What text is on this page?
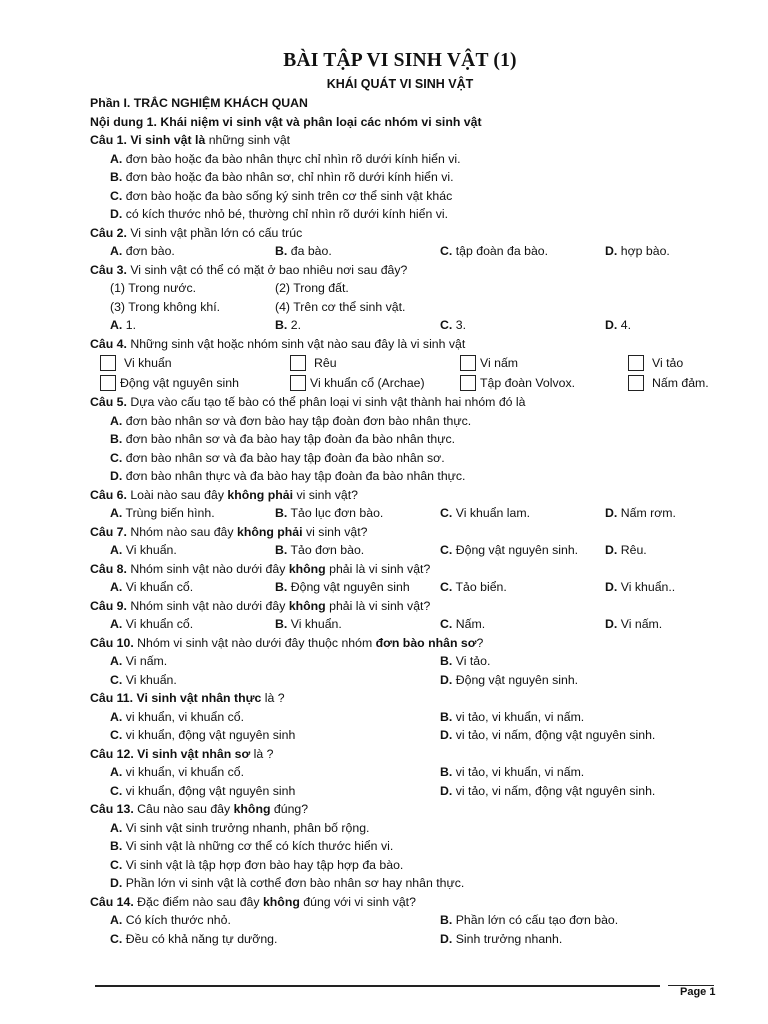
BÀI TẬP VI SINH VẬT (1)
KHÁI QUÁT VI SINH VẬT
Phần I. TRẮC NGHIỆM KHÁCH QUAN
Nội dung 1. Khái niệm vi sinh vật và phân loại các nhóm vi sinh vật
Câu 1. Vi sinh vật là những sinh vật
A. đơn bào hoặc đa bào nhân thực chỉ nhìn rõ dưới kính hiển vi.
B. đơn bào hoặc đa bào nhân sơ, chỉ nhìn rõ dưới kính hiển vi.
C. đơn bào hoặc đa bào sống ký sinh trên cơ thể sinh vật khác
D. có kích thước nhỏ bé, thường chỉ nhìn rõ dưới kính hiển vi.
Câu 2. Vi sinh vật phần lớn có cấu trúc
A. đơn bào.	B. đa bào.	C. tập đoàn đa bào.	D. hợp bào.
Câu 3. Vi sinh vật có thể có mặt ở bao nhiêu nơi sau đây?
(1) Trong nước.	(2) Trong đất.
(3) Trong không khí.	(4) Trên cơ thể sinh vật.
A. 1.	B. 2.	C. 3.	D. 4.
Câu 4. Những sinh vật hoặc nhóm sinh vật nào sau đây là vi sinh vật
Vi khuẩn	Rêu	Vi nấm	Vi tảo
Động vật nguyên sinh	Vi khuẩn cổ (Archae)	Tập đoàn Volvox.	Nấm đảm.
Câu 5. Dựa vào cấu tạo tế bào có thể phân loại vi sinh vật thành hai nhóm đó là
A. đơn bào nhân sơ và đơn bào hay tập đoàn đơn bào nhân thực.
B. đơn bào nhân sơ và đa bào hay tập đoàn đa bào nhân thực.
C. đơn bào nhân sơ và đa bào hay tập đoàn đa bào nhân sơ.
D. đơn bào nhân thực và đa bào hay tập đoàn đa bào nhân thực.
Câu 6. Loài nào sau đây không phải vi sinh vật?
A. Trùng biến hình.	B. Tảo lục đơn bào.	C. Vi khuẩn lam.	D. Nấm rơm.
Câu 7. Nhóm nào sau đây không phải vi sinh vật?
A. Vi khuẩn.	B. Tảo đơn bào.	C. Động vật nguyên sinh.	D. Rêu.
Câu 8. Nhóm sinh vật nào dưới đây không phải là vi sinh vật?
A. Vi khuẩn cổ.	B. Động vật nguyên sinh	C. Tảo biển.	D. Vi khuẩn..
Câu 9. Nhóm sinh vật nào dưới đây không phải là vi sinh vật?
A. Vi khuẩn cổ.	B. Vi khuẩn.	C. Nấm.	D. Vi nấm.
Câu 10. Nhóm vi sinh vật nào dưới đây thuộc nhóm đơn bào nhân sơ?
A. Vi nấm.	B. Vi tảo.
C. Vi khuẩn.	D. Động vật nguyên sinh.
Câu 11. Vi sinh vật nhân thực là ?
A. vi khuẩn, vi khuẩn cổ.	B. vi tảo, vi khuẩn, vi nấm.
C. vi khuẩn, động vật nguyên sinh	D. vi tảo, vi nấm, động vật nguyên sinh.
Câu 12. Vi sinh vật nhân sơ là ?
A. vi khuẩn, vi khuẩn cổ.	B. vi tảo, vi khuẩn, vi nấm.
C. vi khuẩn, động vật nguyên sinh	D. vi tảo, vi nấm, động vật nguyên sinh.
Câu 13. Câu nào sau đây không đúng?
A. Vi sinh vật sinh trưởng nhanh, phân bố rộng.
B. Vi sinh vật là những cơ thể có kích thước hiển vi.
C. Vi sinh vật là tập hợp đơn bào hay tập hợp đa bào.
D. Phần lớn vi sinh vật là cơthể đơn bào nhân sơ hay nhân thực.
Câu 14. Đặc điểm nào sau đây không đúng với vi sinh vật?
A. Có kích thước nhỏ.	B. Phần lớn có cấu tạo đơn bào.
C. Đều có khả năng tự dưỡng.	D. Sinh trưởng nhanh.
Page 1
